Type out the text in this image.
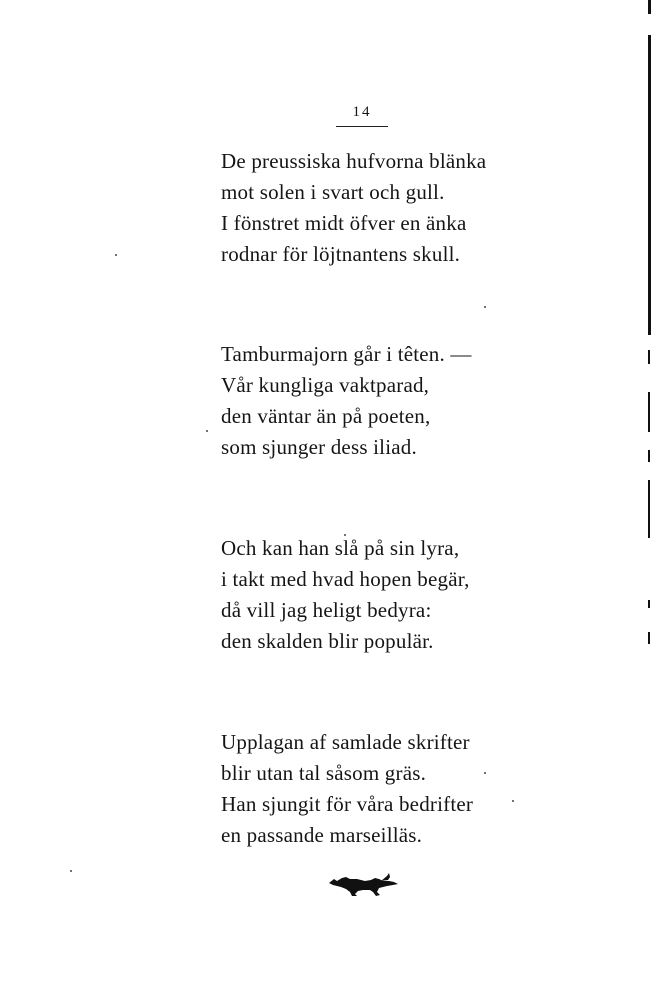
14
De preussiska hufvorna blänka
mot solen i svart och gull.
I fönstret midt öfver en änka
rodnar för löjtnantens skull.
Tamburmajorn går i têten. —
Vår kungliga vaktparad,
den väntar än på poeten,
som sjunger dess iliad.
Och kan han slå på sin lyra,
i takt med hvad hopen begär,
då vill jag heligt bedyra:
den skalden blir populär.
Upplagan af samlade skrifter
blir utan tal såsom gräs.
Han sjungit för våra bedrifter
en passande marseilläs.
